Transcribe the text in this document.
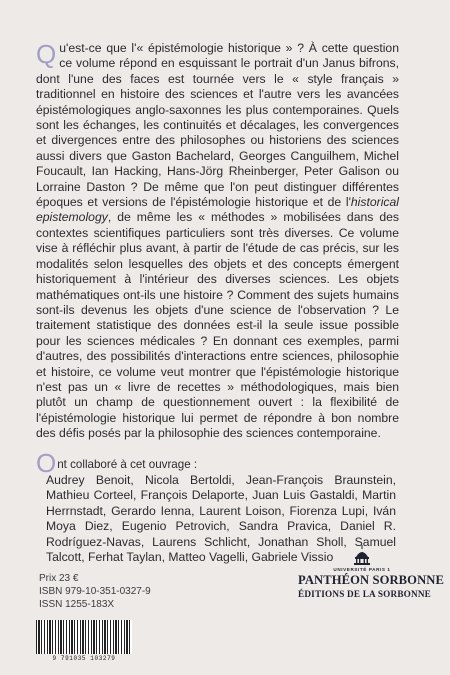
Q u'est-ce que l'« épistémologie historique » ? À cette question ce volume répond en esquissant le portrait d'un Janus bifrons, dont l'une des faces est tournée vers le « style français » traditionnel en histoire des sciences et l'autre vers les avancées épistémologiques anglo-saxonnes les plus contemporaines. Quels sont les échanges, les continuités et décalages, les convergences et divergences entre des philosophes ou historiens des sciences aussi divers que Gaston Bachelard, Georges Canguilhem, Michel Foucault, Ian Hacking, Hans-Jörg Rheinberger, Peter Galison ou Lorraine Daston ? De même que l'on peut distinguer différentes époques et versions de l'épistémologie historique et de l'historical epistemology, de même les « méthodes » mobilisées dans des contextes scientifiques particuliers sont très diverses. Ce volume vise à réfléchir plus avant, à partir de l'étude de cas précis, sur les modalités selon lesquelles des objets et des concepts émergent historiquement à l'intérieur des diverses sciences. Les objets mathématiques ont-ils une histoire ? Comment des sujets humains sont-ils devenus les objets d'une science de l'observation ? Le traitement statistique des données est-il la seule issue possible pour les sciences médicales ? En donnant ces exemples, parmi d'autres, des possibilités d'interactions entre sciences, philosophie et histoire, ce volume veut montrer que l'épistémologie historique n'est pas un « livre de recettes » méthodologiques, mais bien plutôt un champ de questionnement ouvert : la flexibilité de l'épistémologie historique lui permet de répondre à bon nombre des défis posés par la philosophie des sciences contemporaine.

Ont collaboré à cet ouvrage :
Audrey Benoit, Nicola Bertoldi, Jean-François Braunstein, Mathieu Corteel, François Delaporte, Juan Luis Gastaldi, Martin Herrnstadt, Gerardo Ienna, Laurent Loison, Fiorenza Lupi, Iván Moya Diez, Eugenio Petrovich, Sandra Pravica, Daniel R. Rodríguez-Navas, Laurens Schlicht, Jonathan Sholl, Samuel Talcott, Ferhat Taylan, Matteo Vagelli, Gabriele Vissio
Prix 23 €
ISBN 979-10-351-0327-9
ISSN 1255-183X
9 791035 103279
UNIVERSITÉ PARIS 1
PANTHÉON SORBONNE
ÉDITIONS DE LA SORBONNE
